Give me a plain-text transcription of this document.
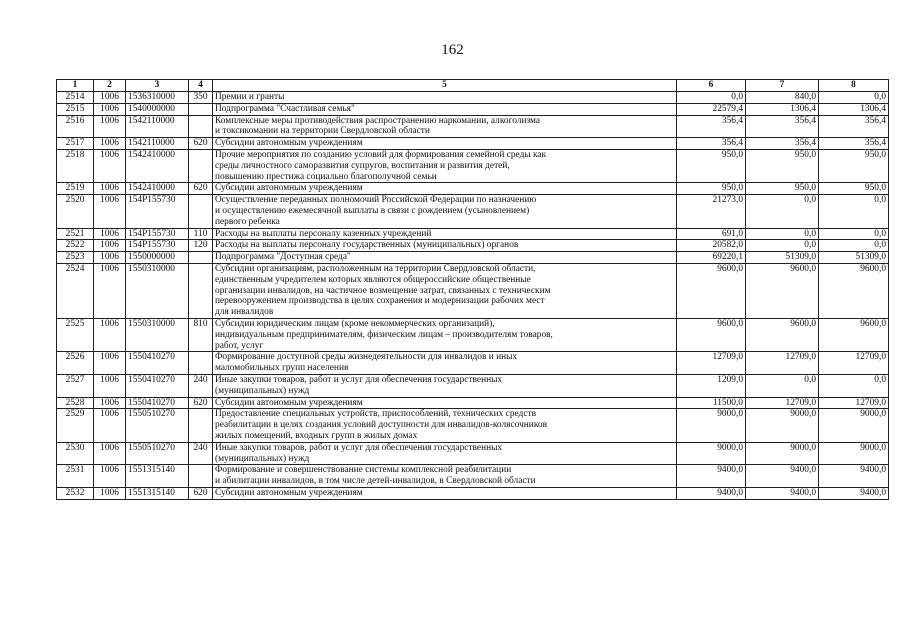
162
1	2	3	4	5	6	7	8
2514	1006	1536310000	350	Премии и гранты	0,0	840,0	0,0
2515	1006	1540000000		Подпрограмма "Счастливая семья"	22579,4	1306,4	1306,4
2516	1006	1542110000		Комплексные меры противодействия распространению наркомании, алкоголизма
и токсикомании на территории Свердловской области	356,4	356,4	356,4
2517	1006	1542110000	620	Субсидии автономным учреждениям	356,4	356,4	356,4
2518	1006	1542410000		Прочие мероприятия по созданию условий для формирования семейной среды как
среды личностного саморазвития супругов, воспитания и развития детей,
повышению престижа социально благополучной семьи	950,0	950,0	950,0
2519	1006	1542410000	620	Субсидии автономным учреждениям	950,0	950,0	950,0
2520	1006	154P155730		Осуществление переданных полномочий Российской Федерации по назначению
и осуществлению ежемесячной выплаты в связи с рождением (усыновлением)
первого ребенка	21273,0	0,0	0,0
2521	1006	154P155730	110	Расходы на выплаты персоналу казенных учреждений	691,0	0,0	0,0
2522	1006	154P155730	120	Расходы на выплаты персоналу государственных (муниципальных) органов	20582,0	0,0	0,0
2523	1006	1550000000		Подпрограмма "Доступная среда"	69220,1	51309,0	51309,0
2524	1006	1550310000		Субсидии организациям, расположенным на территории Свердловской области,
единственным учредителем которых являются общероссийские общественные
организации инвалидов, на частичное возмещение затрат, связанных с техническим
перевооружением производства в целях сохранения и модернизации рабочих мест
для инвалидов	9600,0	9600,0	9600,0
2525	1006	1550310000	810	Субсидии юридическим лицам (кроме некоммерческих организаций),
индивидуальным предпринимателям, физическим лицам – производителям товаров,
работ, услуг	9600,0	9600,0	9600,0
2526	1006	1550410270		Формирование доступной среды жизнедеятельности для инвалидов и иных
маломобильных групп населения	12709,0	12709,0	12709,0
2527	1006	1550410270	240	Иные закупки товаров, работ и услуг для обеспечения государственных
(муниципальных) нужд	1209,0	0,0	0,0
2528	1006	1550410270	620	Субсидии автономным учреждениям	11500,0	12709,0	12709,0
2529	1006	1550510270		Предоставление специальных устройств, приспособлений, технических средств
реабилитации в целях создания условий доступности для инвалидов-колясочников
жилых помещений, входных групп в жилых домах	9000,0	9000,0	9000,0
2530	1006	1550510270	240	Иные закупки товаров, работ и услуг для обеспечения государственных
(муниципальных) нужд	9000,0	9000,0	9000,0
2531	1006	1551315140		Формирование и совершенствование системы комплексной реабилитации
и абилитации инвалидов, в том числе детей-инвалидов, в Свердловской области	9400,0	9400,0	9400,0
2532	1006	1551315140	620	Субсидии автономным учреждениям	9400,0	9400,0	9400,0
